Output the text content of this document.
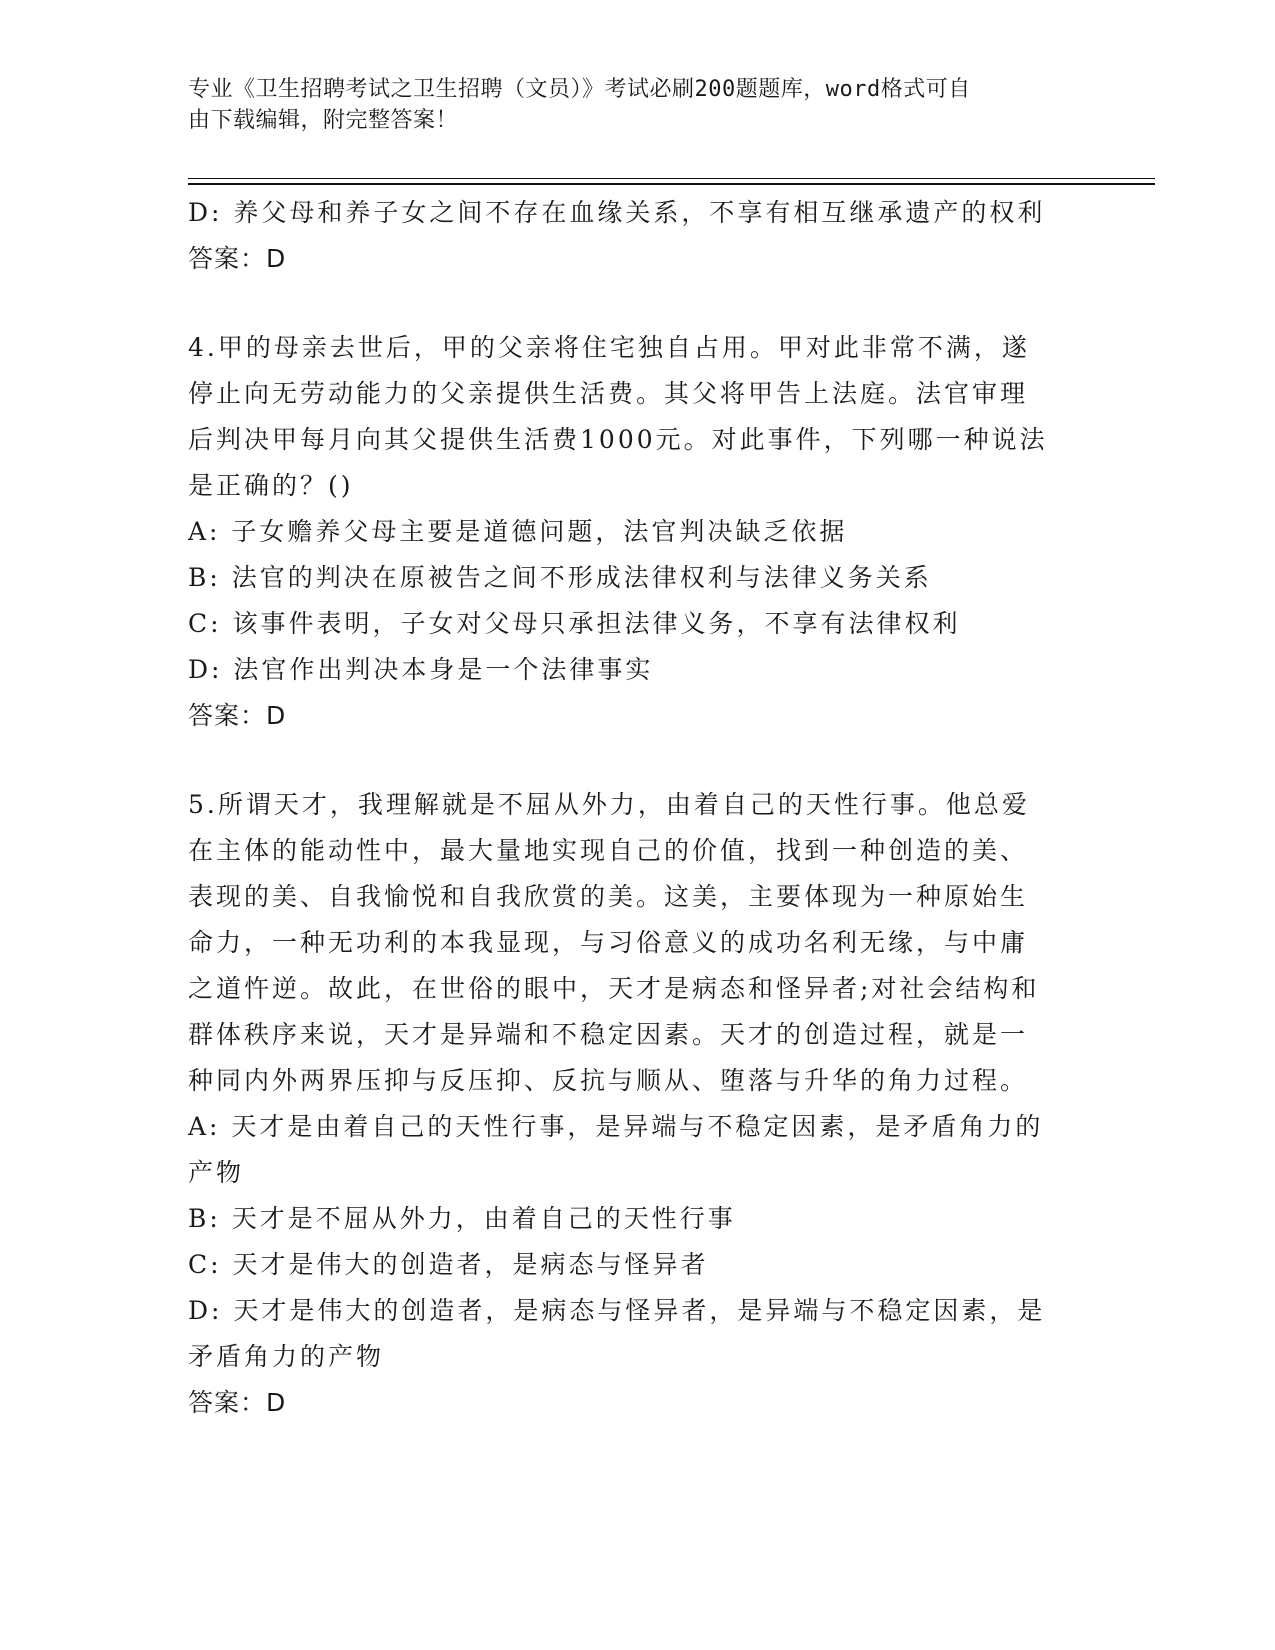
专业《卫生招聘考试之卫生招聘（文员）》考试必刷200题题库，word格式可自
由下载编辑，附完整答案！
D: 养父母和养子女之间不存在血缘关系，不享有相互继承遗产的权利
答案：D
4.甲的母亲去世后，甲的父亲将住宅独自占用。甲对此非常不满，遂
停止向无劳动能力的父亲提供生活费。其父将甲告上法庭。法官审理
后判决甲每月向其父提供生活费1000元。对此事件，下列哪一种说法
是正确的？()
A: 子女赡养父母主要是道德问题，法官判决缺乏依据
B: 法官的判决在原被告之间不形成法律权利与法律义务关系
C: 该事件表明，子女对父母只承担法律义务，不享有法律权利
D: 法官作出判决本身是一个法律事实
答案：D
5.所谓天才，我理解就是不屈从外力，由着自己的天性行事。他总爱
在主体的能动性中，最大量地实现自己的价值，找到一种创造的美、
表现的美、自我愉悦和自我欣赏的美。这美，主要体现为一种原始生
命力，一种无功利的本我显现，与习俗意义的成功名利无缘，与中庸
之道忤逆。故此，在世俗的眼中，天才是病态和怪异者;对社会结构和
群体秩序来说，天才是异端和不稳定因素。天才的创造过程，就是一
种同内外两界压抑与反压抑、反抗与顺从、堕落与升华的角力过程。
A: 天才是由着自己的天性行事，是异端与不稳定因素，是矛盾角力的
产物
B: 天才是不屈从外力，由着自己的天性行事
C: 天才是伟大的创造者，是病态与怪异者
D: 天才是伟大的创造者，是病态与怪异者，是异端与不稳定因素，是
矛盾角力的产物
答案：D
